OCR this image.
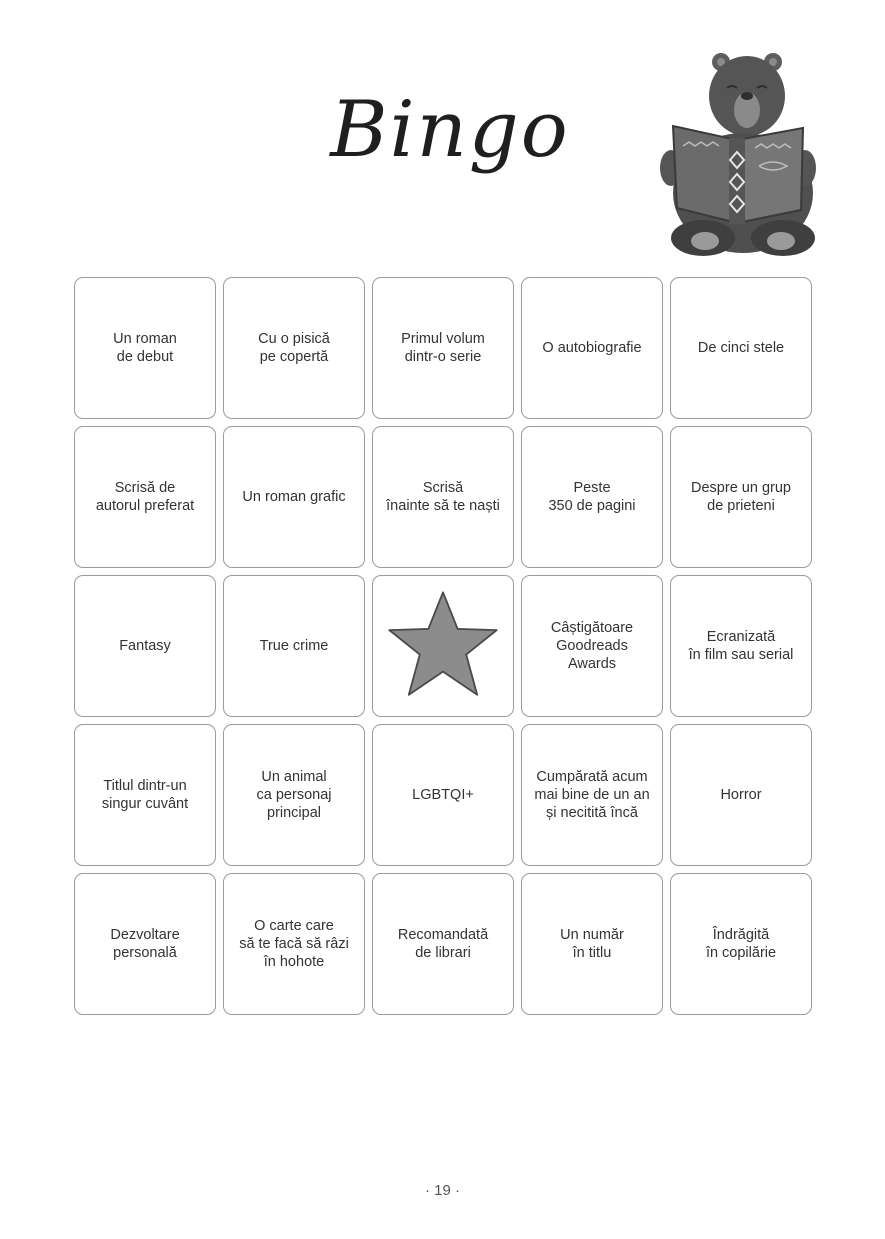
Bingo
Un roman
de debut
Cu o pisică
pe copertă
Primul volum
dintr-o serie
O autobiografie	De cinci stele
Scrisă de
autorul preferat
Un roman grafic
Scrisă
înainte să te naști
Peste
350 de pagini
Despre un grup
de prieteni
Fantasy	True crime
Câștigătoare
Goodreads
Awards
Ecranizată
în film sau serial
Titlul dintr-un
singur cuvânt
Un animal
ca personaj
principal
LGBTQI+
Cumpărată acum
mai bine de un an
și necitită încă
Horror
Dezvoltare
personală
O carte care
să te facă să râzi
în hohote
Recomandată
de librari
Un număr
în titlu
Îndrăgită
în copilărie
· 19 ·
